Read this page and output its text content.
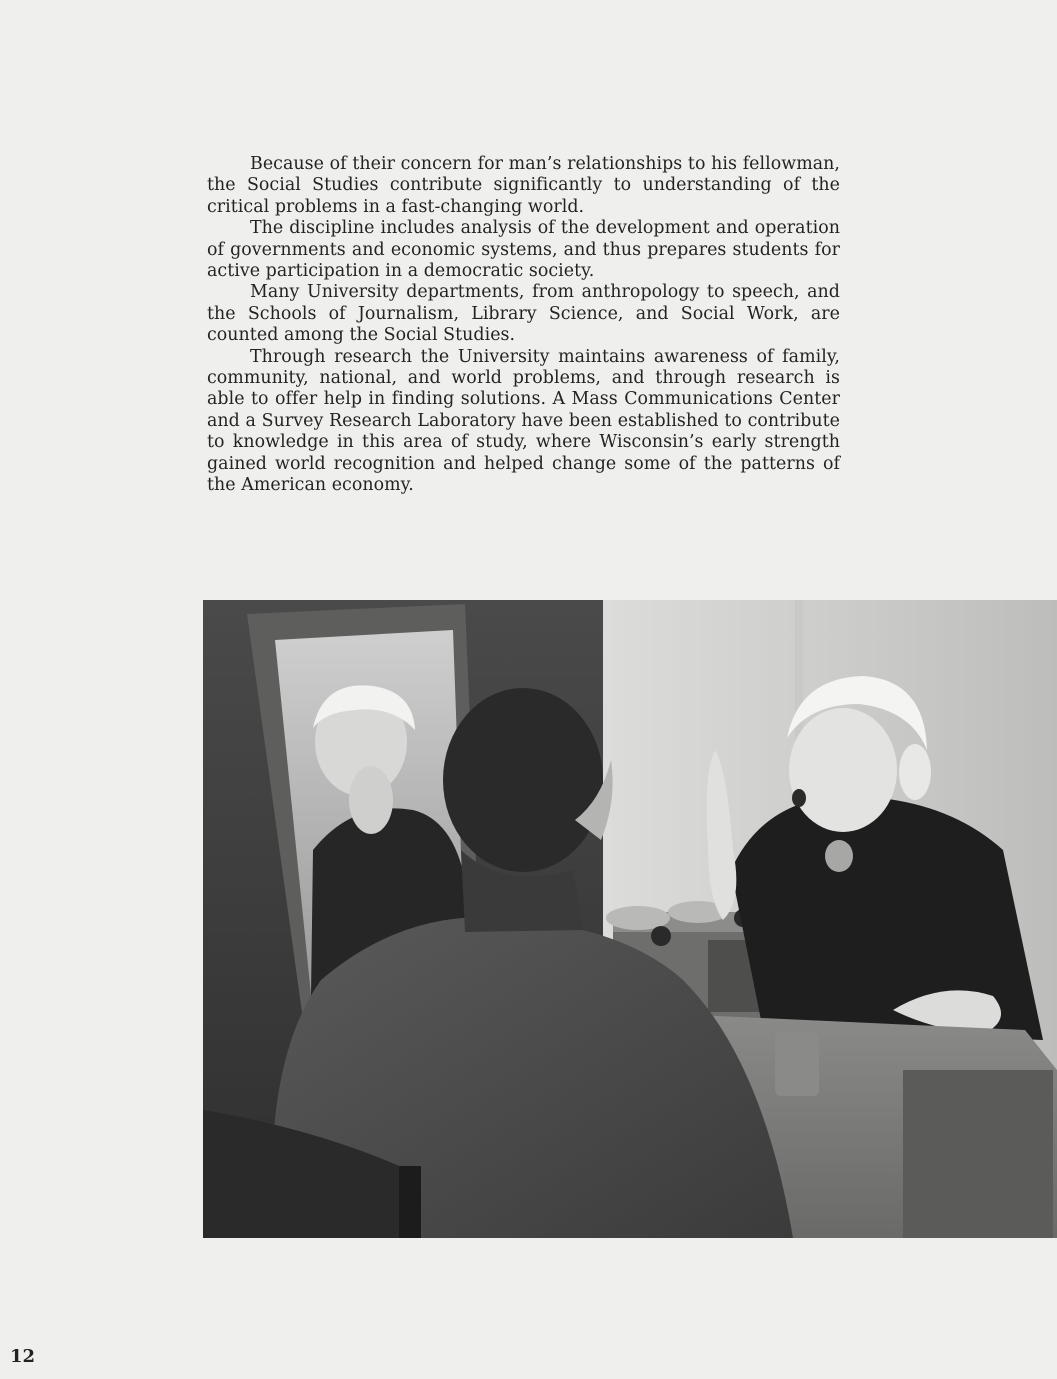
Because of their concern for man’s relationships to his fellowman, the Social Studies contribute significantly to understanding of the critical problems in a fast-changing world.

The discipline includes analysis of the development and operation of governments and economic systems, and thus prepares students for active participation in a democratic society.

Many University departments, from anthropology to speech, and the Schools of Journalism, Library Science, and Social Work, are counted among the Social Studies.

Through research the University maintains awareness of family, community, national, and world problems, and through research is able to offer help in finding solutions. A Mass Communications Center and a Survey Research Laboratory have been established to contribute to knowledge in this area of study, where Wisconsin’s early strength gained world recognition and helped change some of the patterns of the American economy.

12
